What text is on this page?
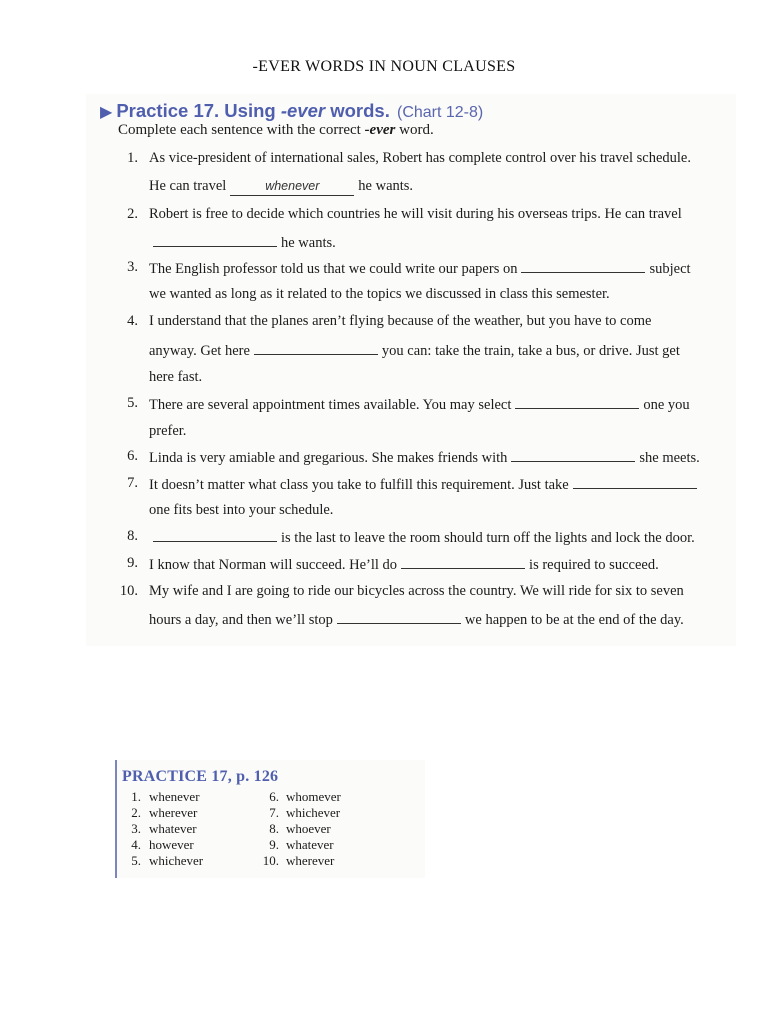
-EVER WORDS IN NOUN CLAUSES
▶ Practice 17. Using -ever words. (Chart 12-8)
Complete each sentence with the correct -ever word.
1. As vice-president of international sales, Robert has complete control over his travel schedule.
He can travel	whenever	he wants.
2. Robert is free to decide which countries he will visit during his overseas trips. He can travel
he wants.
3. The English professor told us that we could write our papers on	subject
we wanted as long as it related to the topics we discussed in class this semester.
4. I understand that the planes aren’t flying because of the weather, but you have to come
anyway. Get here	you can: take the train, take a bus, or drive. Just get
here fast.
5. There are several appointment times available. You may select	one you
prefer.
6. Linda is very amiable and gregarious. She makes friends with	she meets.
7. It doesn’t matter what class you take to fulfill this requirement. Just take
one fits best into your schedule.
8.	is the last to leave the room should turn off the lights and lock the door.
9. I know that Norman will succeed. He’ll do	is required to succeed.
10. My wife and I are going to ride our bicycles across the country. We will ride for six to seven
hours a day, and then we’ll stop	we happen to be at the end of the day.
PRACTICE 17, p. 126
1. whenever
2. wherever
3. whatever
4. however
5. whichever
6. whomever
7. whichever
8. whoever
9. whatever
10. wherever
